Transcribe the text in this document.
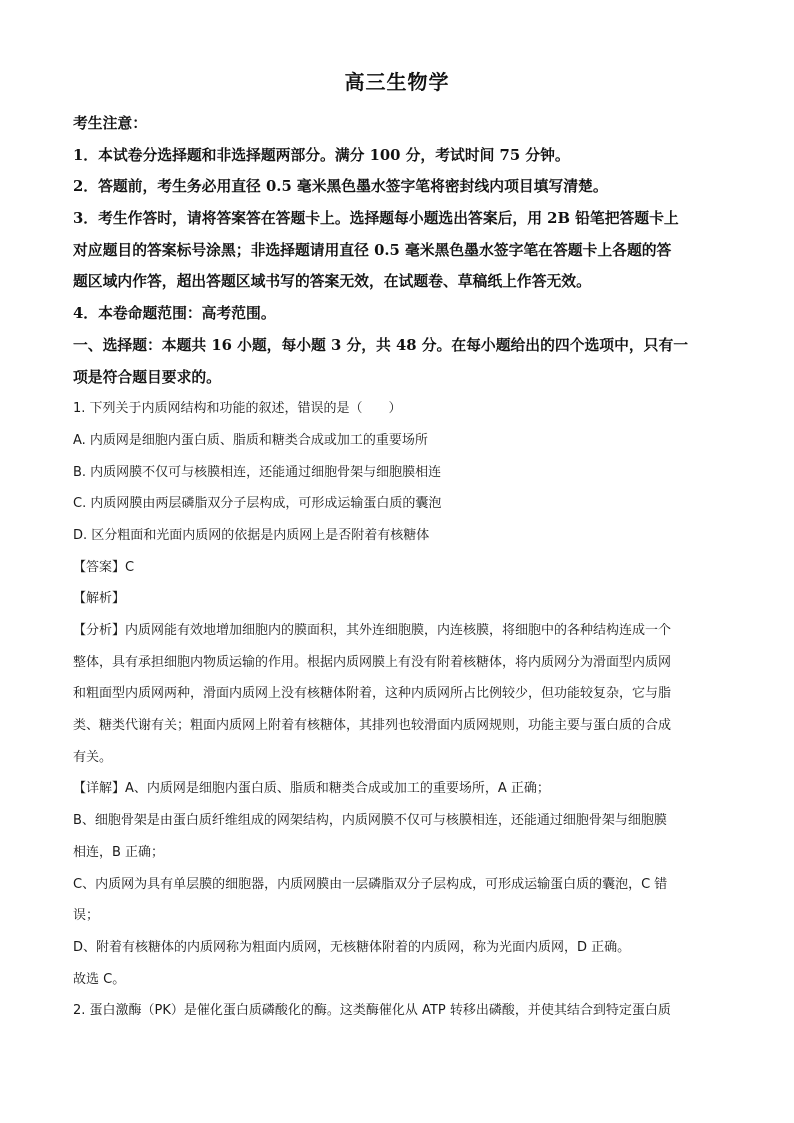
高三生物学
考生注意：
1．本试卷分选择题和非选择题两部分。满分 100 分，考试时间 75 分钟。
2．答题前，考生务必用直径 0.5 毫米黑色墨水签字笔将密封线内项目填写清楚。
3．考生作答时，请将答案答在答题卡上。选择题每小题选出答案后，用 2B 铅笔把答题卡上
对应题目的答案标号涂黑；非选择题请用直径 0.5 毫米黑色墨水签字笔在答题卡上各题的答
题区域内作答，超出答题区域书写的答案无效，在试题卷、草稿纸上作答无效。
4．本卷命题范围：高考范围。
一、选择题：本题共 16 小题，每小题 3 分，共 48 分。在每小题给出的四个选项中，只有一
项是符合题目要求的。
1. 下列关于内质网结构和功能的叙述，错误的是（　　）
A. 内质网是细胞内蛋白质、脂质和糖类合成或加工的重要场所
B. 内质网膜不仅可与核膜相连，还能通过细胞骨架与细胞膜相连
C. 内质网膜由两层磷脂双分子层构成，可形成运输蛋白质的囊泡
D. 区分粗面和光面内质网的依据是内质网上是否附着有核糖体
【答案】C
【解析】
【分析】内质网能有效地增加细胞内的膜面积，其外连细胞膜，内连核膜，将细胞中的各种结构连成一个
整体，具有承担细胞内物质运输的作用。根据内质网膜上有没有附着核糖体，将内质网分为滑面型内质网
和粗面型内质网两种，滑面内质网上没有核糖体附着，这种内质网所占比例较少，但功能较复杂，它与脂
类、糖类代谢有关；粗面内质网上附着有核糖体，其排列也较滑面内质网规则，功能主要与蛋白质的合成
有关。
【详解】A、内质网是细胞内蛋白质、脂质和糖类合成或加工的重要场所，A 正确；
B、细胞骨架是由蛋白质纤维组成的网架结构，内质网膜不仅可与核膜相连，还能通过细胞骨架与细胞膜
相连，B 正确；
C、内质网为具有单层膜的细胞器，内质网膜由一层磷脂双分子层构成，可形成运输蛋白质的囊泡，C 错
误；
D、附着有核糖体的内质网称为粗面内质网，无核糖体附着的内质网，称为光面内质网，D 正确。
故选 C。
2. 蛋白激酶（PK）是催化蛋白质磷酸化的酶。这类酶催化从 ATP 转移出磷酸，并使其结合到特定蛋白质
